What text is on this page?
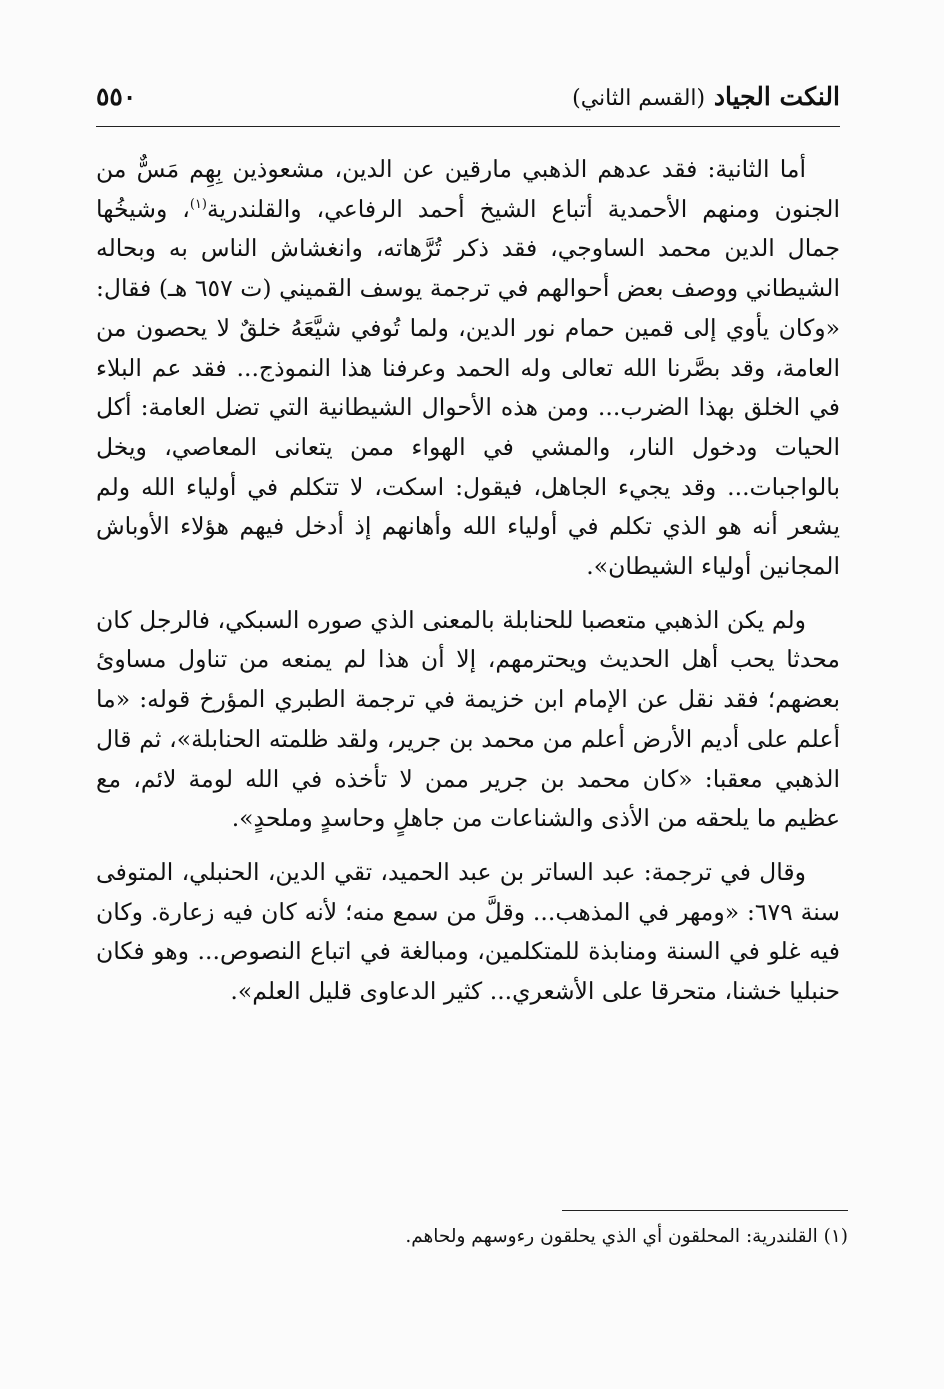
النكت الجياد (القسم الثاني)
٥٥٠

أما الثانية: فقد عدهم الذهبي مارقين عن الدين، مشعوذين بِهِم مَسٌّ من الجنون ومنهم الأحمدية أتباع الشيخ أحمد الرفاعي، والقلندرية$^{(١)}$، وشيخُها جمال الدين محمد الساوجي، فقد ذكر تُرَّهاته، وانغشاش الناس به وبحاله الشيطاني ووصف بعض أحوالهم في ترجمة يوسف القميني (ت ٦٥٧ هـ) فقال: «وكان يأوي إلى قمين حمام نور الدين، ولما تُوفي شيَّعَهُ خلقٌ لا يحصون من العامة، وقد بصَّرنا الله تعالى وله الحمد وعرفنا هذا النموذج... فقد عم البلاء في الخلق بهذا الضرب... ومن هذه الأحوال الشيطانية التي تضل العامة: أكل الحيات ودخول النار، والمشي في الهواء ممن يتعانى المعاصي، ويخل بالواجبات... وقد يجيء الجاهل، فيقول: اسكت، لا تتكلم في أولياء الله ولم يشعر أنه هو الذي تكلم في أولياء الله وأهانهم إذ أدخل فيهم هؤلاء الأوباش المجانين أولياء الشيطان».

ولم يكن الذهبي متعصبا للحنابلة بالمعنى الذي صوره السبكي، فالرجل كان محدثا يحب أهل الحديث ويحترمهم، إلا أن هذا لم يمنعه من تناول مساوئ بعضهم؛ فقد نقل عن الإمام ابن خزيمة في ترجمة الطبري المؤرخ قوله: «ما أعلم على أديم الأرض أعلم من محمد بن جرير، ولقد ظلمته الحنابلة»، ثم قال الذهبي معقبا: «كان محمد بن جرير ممن لا تأخذه في الله لومة لائم، مع عظيم ما يلحقه من الأذى والشناعات من جاهلٍ وحاسدٍ وملحدٍ».

وقال في ترجمة: عبد الساتر بن عبد الحميد، تقي الدين، الحنبلي، المتوفى سنة ٦٧٩: «ومهر في المذهب... وقلَّ من سمع منه؛ لأنه كان فيه زعارة. وكان فيه غلو في السنة ومنابذة للمتكلمين، ومبالغة في اتباع النصوص... وهو فكان حنبليا خشنا، متحرقا على الأشعري... كثير الدعاوى قليل العلم».

(١) القلندرية: المحلقون أي الذي يحلقون رءوسهم ولحاهم.
